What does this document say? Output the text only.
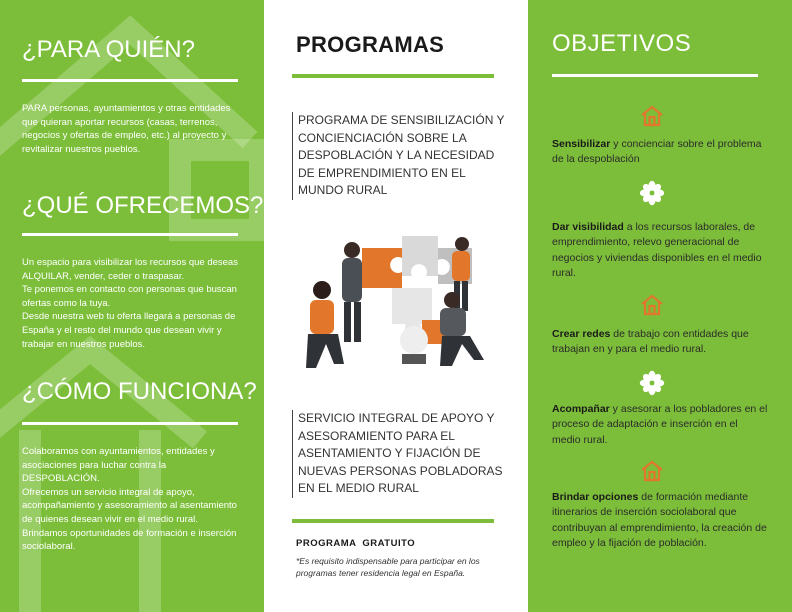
¿PARA QUIÉN?

PARA personas, ayuntamientos y otras entidades que quieran aportar recursos (casas, terrenos, negocios y ofertas de empleo, etc.) al proyecto y revitalizar nuestros pueblos.

¿QUÉ OFRECEMOS?

Un espacio para visibilizar los recursos que deseas ALQUILAR, vender, ceder o traspasar.
Te ponemos en contacto con personas que buscan ofertas como la tuya.
Desde nuestra web tu oferta llegará a personas de España y el resto del mundo que desean vivir y trabajar en nuestros pueblos.

¿CÓMO FUNCIONA?

Colaboramos con ayuntamientos, entidades y asociaciones para luchar contra la DESPOBLACIÓN.
Ofrecemos un servicio integral de apoyo, acompañamiento y asesoramiento al asentamiento de quienes desean vivir en el medio rural.
Brindamos oportunidades de formación e inserción sociolaboral.

PROGRAMAS

PROGRAMA DE SENSIBILIZACIÓN Y CONCIENCIACIÓN SOBRE LA DESPOBLACIÓN Y LA NECESIDAD DE EMPRENDIMIENTO EN EL MUNDO RURAL

SERVICIO INTEGRAL DE APOYO Y ASESORAMIENTO PARA EL ASENTAMIENTO Y FIJACIÓN DE NUEVAS PERSONAS POBLADORAS EN EL MEDIO RURAL

PROGRAMA  GRATUITO

*Es requisito indispensable para participar en los programas tener residencia legal en España.

OBJETIVOS

Sensibilizar y concienciar sobre el problema de la despoblación

Dar visibilidad a los recursos laborales, de emprendimiento, relevo generacional de negocios y viviendas disponibles en el medio rural.

Crear redes de trabajo con entidades que trabajan en y para el medio rural.

Acompañar y asesorar a los pobladores en el proceso de adaptación e inserción en el medio rural.

Brindar opciones de formación mediante itinerarios de inserción sociolaboral que contribuyan al emprendimiento, la creación de empleo y la fijación de población.
